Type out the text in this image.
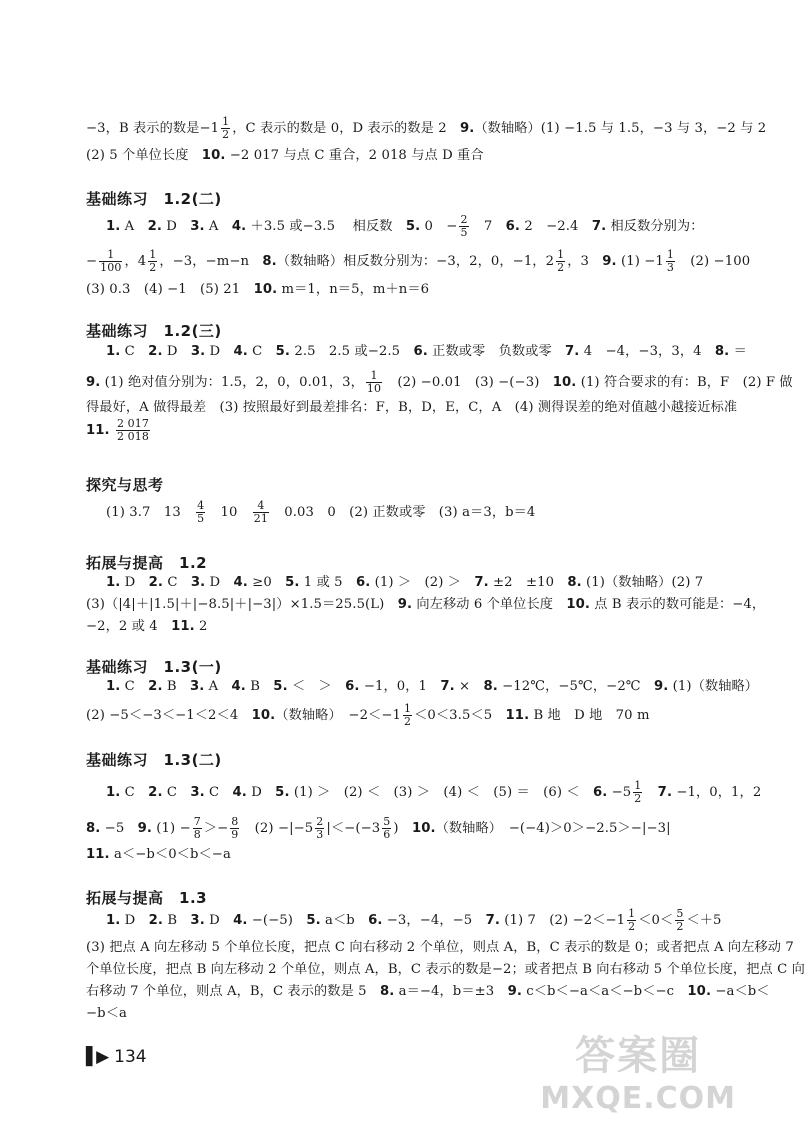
−3，B 表示的数是$-1 \frac{1}{2}$ ，C 表示的数是 0，D 表示的数是 2　 9.（数轴略）(1) −1.5 与 1.5，−3 与 3，−2 与 2
(2) 5 个单位长度　 10. −2 017 与点 C 重合，2 018 与点 D 重合
基础练习　1.2(二)
1. A　2. D　3. A　4. ＋3.5 或−3.5　 相反数　5. 0　− $\frac{2}{5}$ 　7　6. 2　−2.4　7. 相反数分别为：
− $\frac{1}{100}$ ，$4 \frac{1}{2}$ ，−3，−m−n　8.（数轴略）相反数分别为：−3，2，0，−1，$2 \frac{1}{2}$ ，3　9. $(1) -1 \frac{1}{3}$ 　(2) −100
(3) 0.3　(4) −1　(5) 21　10. m＝1，n＝5，m＋n＝6
基础练习　1.2(三)
1. C　2. D　3. D　4. C　5. 2.5　2.5 或−2.5　6. 正数或零　负数或零　7. 4　−4，−3，3，4　8. ＝
9. (1) 绝对值分别为：1.5，2，0，0.01，3， $\frac{1}{10}$ 　(2) −0.01　(3) −(−3)　10. (1) 符合要求的有：B，F　(2) F 做
得最好，A 做得最差　(3) 按照最好到最差排名：F，B，D，E，C，A　(4) 测得误差的绝对值越小越接近标准
11. $\frac{2 017}{2 018}$
探究与思考
(1) 3.7　13　 $\frac{4}{5}$ 　10　 $\frac{4}{21}$ 　0.03　0　(2) 正数或零　(3) a＝3，b＝4
拓展与提高　1.2
1. D　2. C　3. D　4. ≥0　5. 1 或 5　6. (1) ＞　(2) ＞　7. ±2　±10　8. (1)（数轴略）(2) 7
(3)（|4|＋|1.5|＋|−8.5|＋|−3|）×1.5＝25.5(L)　9. 向左移动 6 个单位长度　10. 点 B 表示的数可能是：−4，
−2，2 或 4　11. 2
基础练习　1.3(一)
1. C　2. B　3. A　4. B　5. ＜　＞　6. −1，0，1　7. ×　8. −12℃，−5℃，−2℃　9. (1)（数轴略）
(2) −5＜−3＜−1＜2＜4　10.（数轴略）　$-2<-1 \frac{1}{2} <0<3.5<5$　11. B 地　D 地　70 m
基础练习　1.3(二)
1. C　2. C　3. C　4. D　5. (1) ＞　(2) ＜　(3) ＞　(4) ＜　(5) ＝　(6) ＜　6. $-5 \frac{1}{2}$
　 7. −1，0，1，2
8. −5　9. $(1) - \frac{7}{8} >- \frac{8}{9}$ 　$(2) -|-5 \frac{2}{3} |<-(-3 \frac{5}{6}$ )　10.（数轴略）　−(−4)＞0＞−2.5＞−|−3|
11. a＜−b＜0＜b＜−a
拓展与提高　1.3
1. D　2. B　3. D　4. −(−5)　5. a＜b　6. −3，−4，−5　7. (1) 7　$(2) -2<-1 \frac{1}{2} <0< \frac{5}{2} <+5$
(3) 把点 A 向左移动 5 个单位长度，把点 C 向右移动 2 个单位，则点 A，B，C 表示的数是 0；或者把点 A 向左移动 7
个单位长度，把点 B 向左移动 2 个单位，则点 A，B，C 表示的数是−2；或者把点 B 向右移动 5 个单位长度，把点 C 向
右移动 7 个单位，则点 A，B，C 表示的数是 5　8. a＝−4，b＝±3　9. c＜b＜−a＜a＜−b＜−c　10. −a＜b＜
−b＜a
▌▶ 134	答案圈
MXQE.COM
